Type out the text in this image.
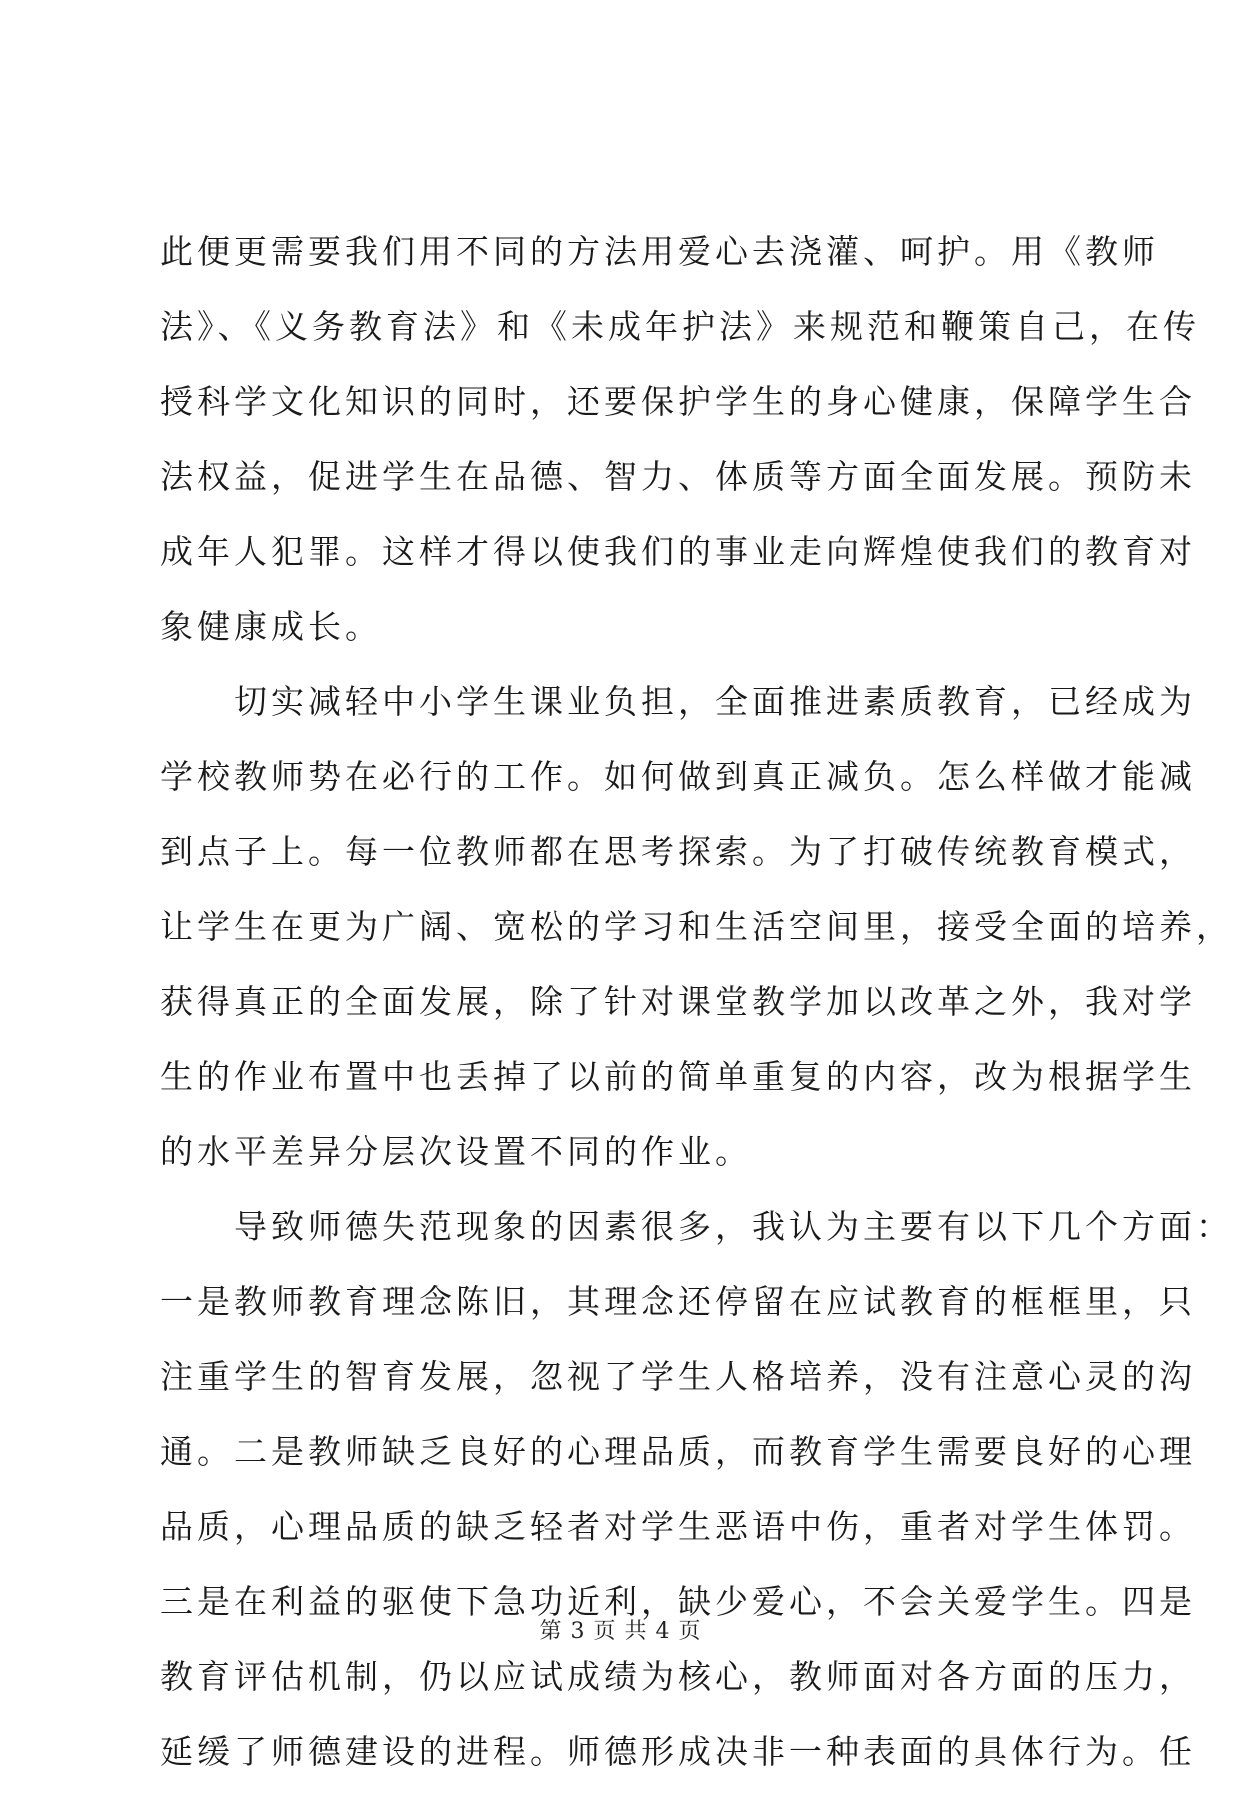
此便更需要我们用不同的方法用爱心去浇灌、呵护。用《教师
法》、《义务教育法》和《未成年护法》来规范和鞭策自己，在传
授科学文化知识的同时，还要保护学生的身心健康，保障学生合
法权益，促进学生在品德、智力、体质等方面全面发展。预防未
成年人犯罪。这样才得以使我们的事业走向辉煌使我们的教育对
象健康成长。
　　切实减轻中小学生课业负担，全面推进素质教育，已经成为
学校教师势在必行的工作。如何做到真正减负。怎么样做才能减
到点子上。每一位教师都在思考探索。为了打破传统教育模式，
让学生在更为广阔、宽松的学习和生活空间里，接受全面的培养，
获得真正的全面发展，除了针对课堂教学加以改革之外，我对学
生的作业布置中也丢掉了以前的简单重复的内容，改为根据学生
的水平差异分层次设置不同的作业。
　　导致师德失范现象的因素很多，我认为主要有以下几个方面：
一是教师教育理念陈旧，其理念还停留在应试教育的框框里，只
注重学生的智育发展，忽视了学生人格培养，没有注意心灵的沟
通。二是教师缺乏良好的心理品质，而教育学生需要良好的心理
品质，心理品质的缺乏轻者对学生恶语中伤，重者对学生体罚。
三是在利益的驱使下急功近利，缺少爱心，不会关爱学生。四是
教育评估机制，仍以应试成绩为核心，教师面对各方面的压力，
延缓了师德建设的进程。师德形成决非一种表面的具体行为。任
第 3 页 共 4 页
